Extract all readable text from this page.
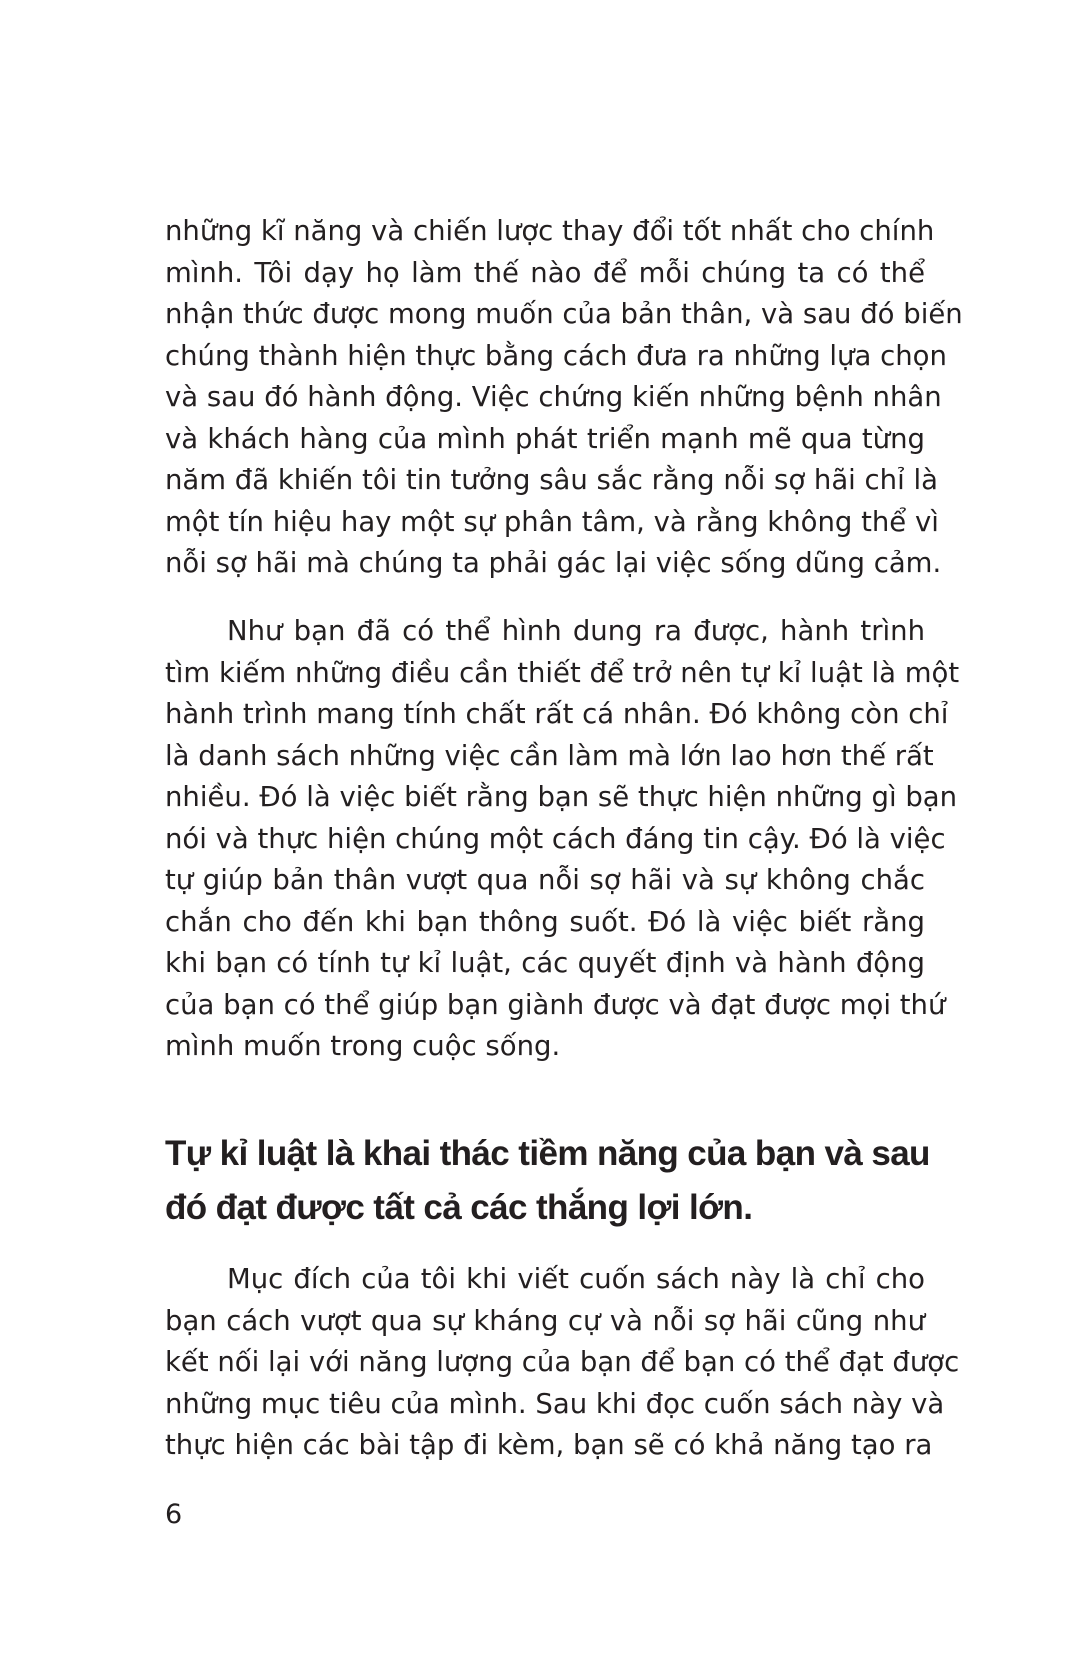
những kĩ năng và chiến lược thay đổi tốt nhất cho chính
mình. Tôi dạy họ làm thế nào để mỗi chúng ta có thể
nhận thức được mong muốn của bản thân, và sau đó biến
chúng thành hiện thực bằng cách đưa ra những lựa chọn
và sau đó hành động. Việc chứng kiến những bệnh nhân
và khách hàng của mình phát triển mạnh mẽ qua từng
năm đã khiến tôi tin tưởng sâu sắc rằng nỗi sợ hãi chỉ là
một tín hiệu hay một sự phân tâm, và rằng không thể vì
nỗi sợ hãi mà chúng ta phải gác lại việc sống dũng cảm.
Như bạn đã có thể hình dung ra được, hành trình
tìm kiếm những điều cần thiết để trở nên tự kỉ luật là một
hành trình mang tính chất rất cá nhân. Đó không còn chỉ
là danh sách những việc cần làm mà lớn lao hơn thế rất
nhiều. Đó là việc biết rằng bạn sẽ thực hiện những gì bạn
nói và thực hiện chúng một cách đáng tin cậy. Đó là việc
tự giúp bản thân vượt qua nỗi sợ hãi và sự không chắc
chắn cho đến khi bạn thông suốt. Đó là việc biết rằng
khi bạn có tính tự kỉ luật, các quyết định và hành động
của bạn có thể giúp bạn giành được và đạt được mọi thứ
mình muốn trong cuộc sống.
Tự kỉ luật là khai thác tiềm năng của bạn và sau
đó đạt được tất cả các thắng lợi lớn.
Mục đích của tôi khi viết cuốn sách này là chỉ cho
bạn cách vượt qua sự kháng cự và nỗi sợ hãi cũng như
kết nối lại với năng lượng của bạn để bạn có thể đạt được
những mục tiêu của mình. Sau khi đọc cuốn sách này và
thực hiện các bài tập đi kèm, bạn sẽ có khả năng tạo ra
6
